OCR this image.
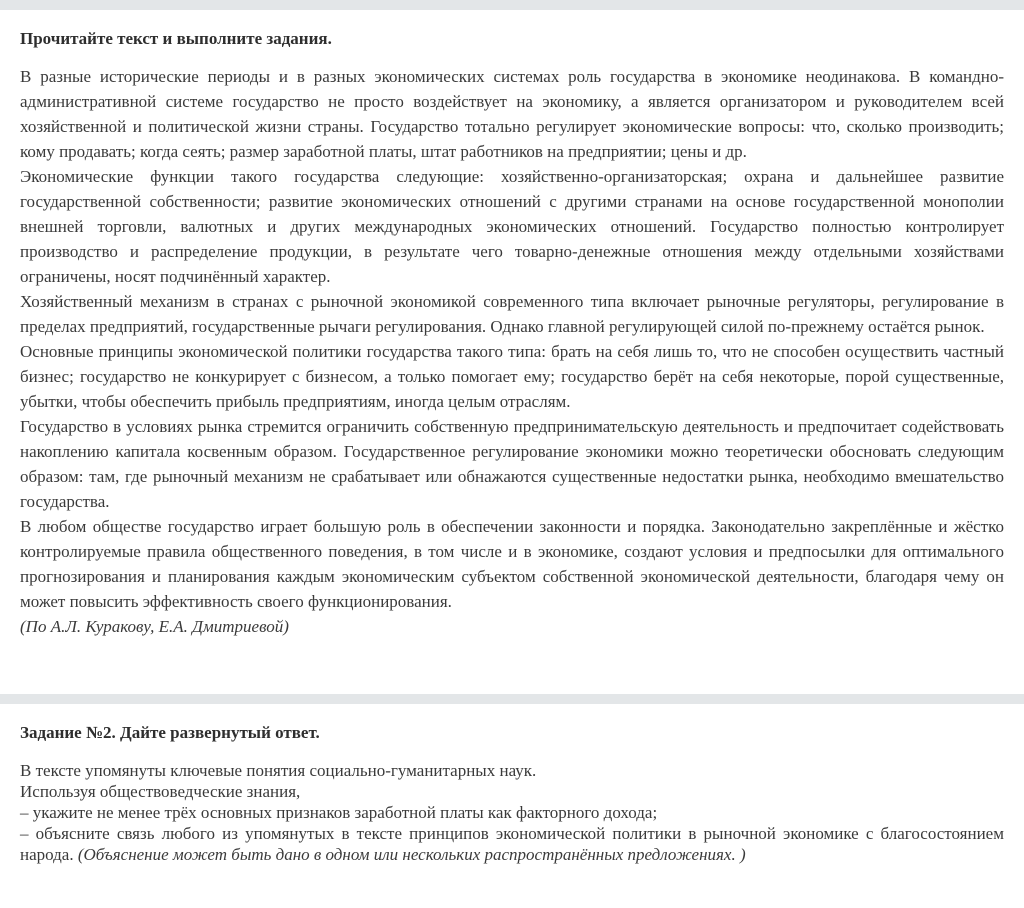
Прочитайте текст и выполните задания.

В разные исторические периоды и в разных экономических системах роль государства в экономике неодинакова. В командно-административной системе государство не просто воздействует на экономику, а является организатором и руководителем всей хозяйственной и политической жизни страны. Государство тотально регулирует экономические вопросы: что, сколько производить; кому продавать; когда сеять; размер заработной платы, штат работников на предприятии; цены и др.

Экономические функции такого государства следующие: хозяйственно-организаторская; охрана и дальнейшее развитие государственной собственности; развитие экономических отношений с другими странами на основе государственной монополии внешней торговли, валютных и других международных экономических отношений. Государство полностью контролирует производство и распределение продукции, в результате чего товарно-денежные отношения между отдельными хозяйствами ограничены, носят подчинённый характер.

Хозяйственный механизм в странах с рыночной экономикой современного типа включает рыночные регуляторы, регулирование в пределах предприятий, государственные рычаги регулирования. Однако главной регулирующей силой по-прежнему остаётся рынок.

Основные принципы экономической политики государства такого типа: брать на себя лишь то, что не способен осуществить частный бизнес; государство не конкурирует с бизнесом, а только помогает ему; государство берёт на себя некоторые, порой существенные, убытки, чтобы обеспечить прибыль предприятиям, иногда целым отраслям.

Государство в условиях рынка стремится ограничить собственную предпринимательскую деятельность и предпочитает содействовать накоплению капитала косвенным образом. Государственное регулирование экономики можно теоретически обосновать следующим образом: там, где рыночный механизм не срабатывает или обнажаются существенные недостатки рынка, необходимо вмешательство государства.

В любом обществе государство играет большую роль в обеспечении законности и порядка. Законодательно закреплённые и жёстко контролируемые правила общественного поведения, в том числе и в экономике, создают условия и предпосылки для оптимального прогнозирования и планирования каждым экономическим субъектом собственной экономической деятельности, благодаря чему он может повысить эффективность своего функционирования.

(По А.Л. Куракову, Е.А. Дмитриевой)

Задание №2. Дайте развернутый ответ.

В тексте упомянуты ключевые понятия социально-гуманитарных наук.

Используя обществоведческие знания,

– укажите не менее трёх основных признаков заработной платы как факторного дохода;

– объясните связь любого из упомянутых в тексте принципов экономической политики в рыночной экономике с благосостоянием народа. (Объяснение может быть дано в одном или нескольких распространённых предложениях. )
